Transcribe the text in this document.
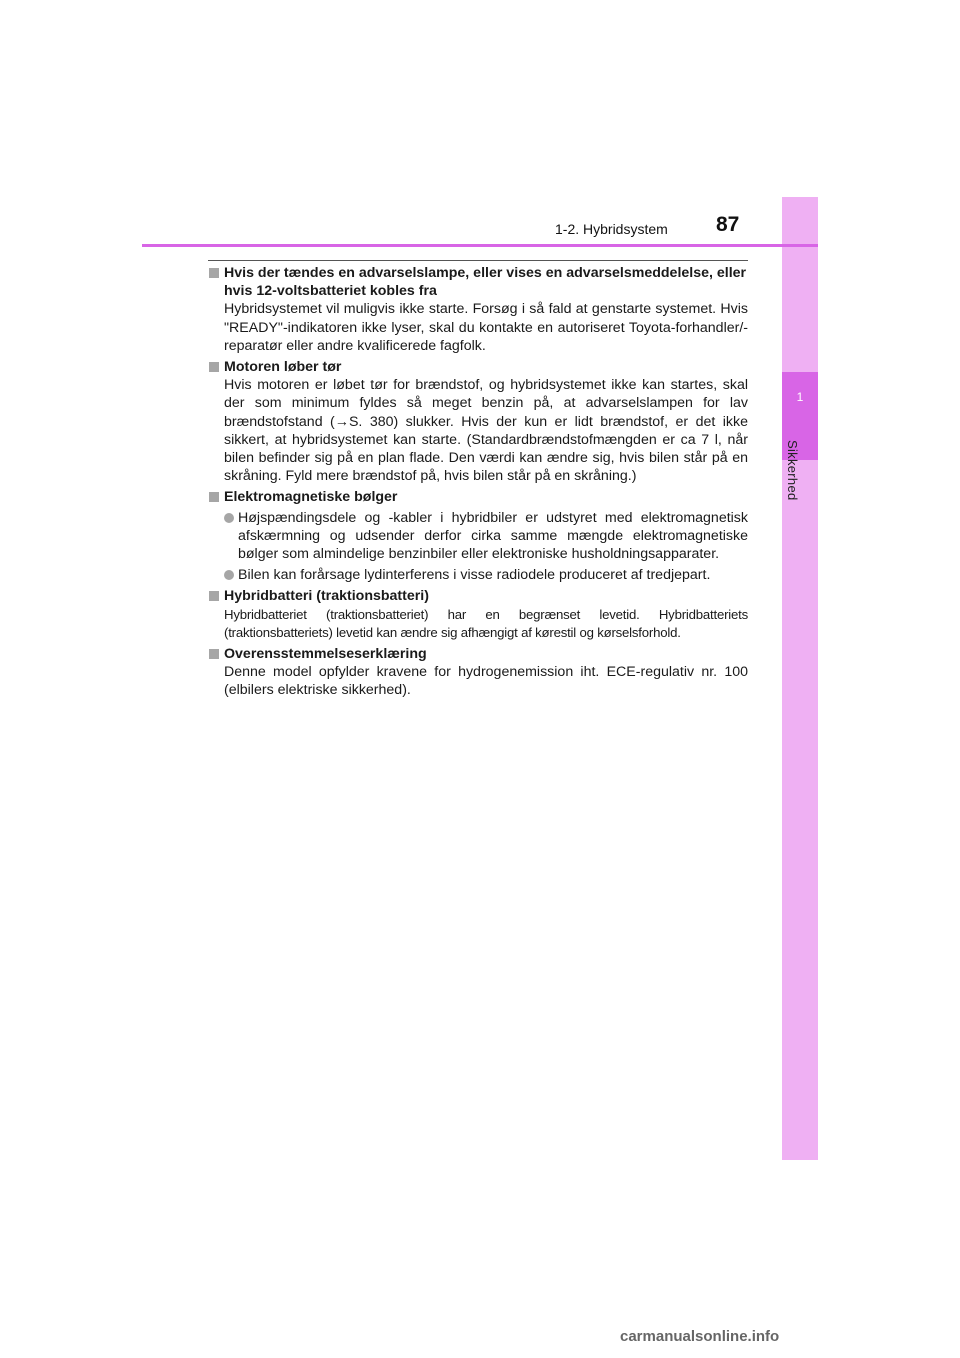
1
Sikkerhed
1-2. Hybridsystem 87

Hvis der tændes en advarselslampe, eller vises en advarselsmeddelelse, eller hvis 12-voltsbatteriet kobles fra

Hybridsystemet vil muligvis ikke starte. Forsøg i så fald at genstarte systemet. Hvis "READY"-indikatoren ikke lyser, skal du kontakte en autoriseret Toyota-forhandler/-reparatør eller andre kvalificerede fagfolk.

Motoren løber tør

Hvis motoren er løbet tør for brændstof, og hybridsystemet ikke kan startes, skal der som minimum fyldes så meget benzin på, at advarselslampen for lav brændstofstand (→S. 380) slukker. Hvis der kun er lidt brændstof, er det ikke sikkert, at hybridsystemet kan starte. (Standardbrændstofmængden er ca 7 l, når bilen befinder sig på en plan flade. Den værdi kan ændre sig, hvis bilen står på en skråning. Fyld mere brændstof på, hvis bilen står på en skråning.)

Elektromagnetiske bølger

Højspændingsdele og -kabler i hybridbiler er udstyret med elektromagnetisk afskærmning og udsender derfor cirka samme mængde elektromagnetiske bølger som almindelige benzinbiler eller elektroniske husholdningsapparater.

Bilen kan forårsage lydinterferens i visse radiodele produceret af tredjepart.

Hybridbatteri (traktionsbatteri)

Hybridbatteriet (traktionsbatteriet) har en begrænset levetid. Hybridbatteriets (traktionsbatteriets) levetid kan ændre sig afhængigt af kørestil og kørselsforhold.

Overensstemmelseserklæring

Denne model opfylder kravene for hydrogenemission iht. ECE-regulativ nr. 100 (elbilers elektriske sikkerhed).

carmanualsonline.info
